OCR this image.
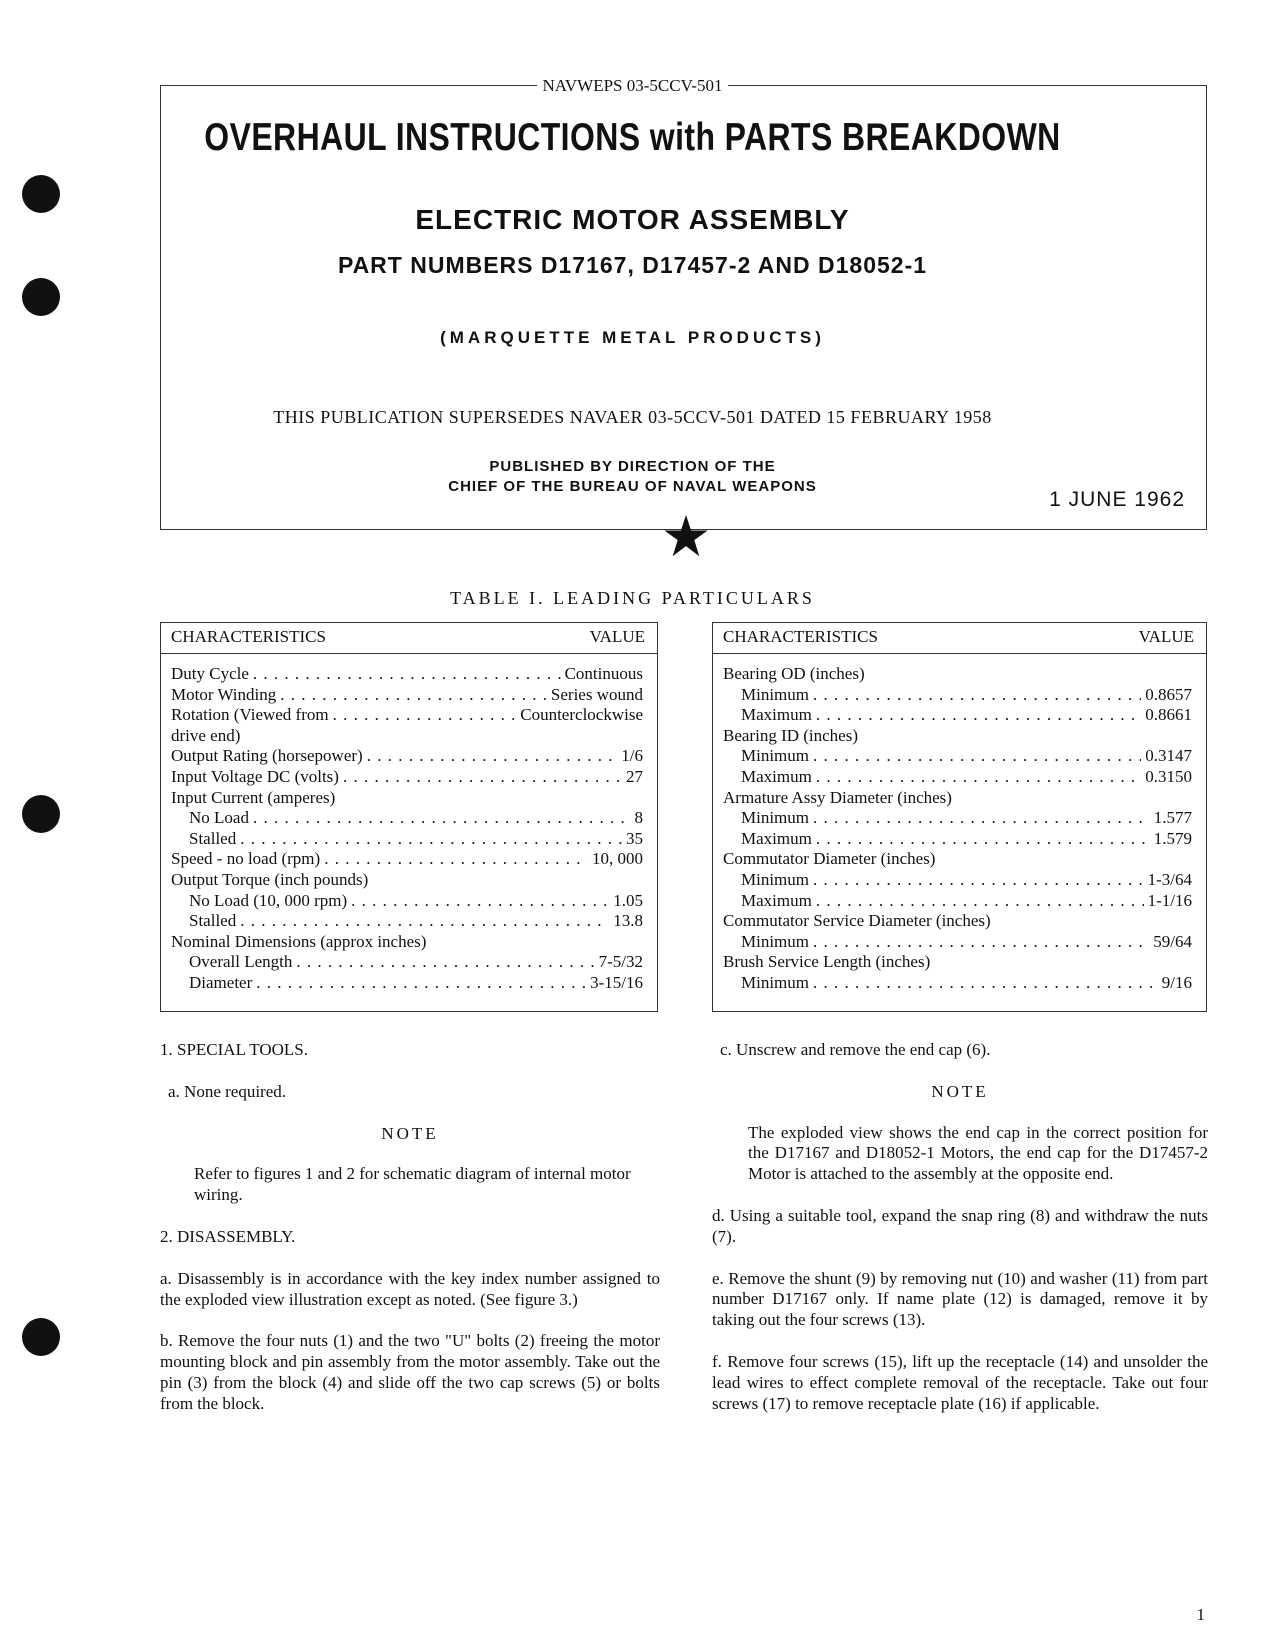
NAVWEPS 03-5CCV-501
OVERHAUL INSTRUCTIONS with PARTS BREAKDOWN
ELECTRIC MOTOR ASSEMBLY
PART NUMBERS D17167, D17457-2 AND D18052-1
(MARQUETTE METAL PRODUCTS)
THIS PUBLICATION SUPERSEDES NAVAER 03-5CCV-501 DATED 15 FEBRUARY 1958
PUBLISHED BY DIRECTION OF THE
CHIEF OF THE BUREAU OF NAVAL WEAPONS
1 JUNE 1962
TABLE I. LEADING PARTICULARS
CHARACTERISTICS	VALUE
Duty Cycle . . .	Continuous
Motor Winding . . .	Series wound
Rotation (Viewed from . . .	Counterclockwise
drive end)
Output Rating (horsepower) . . .	1/6
Input Voltage DC (volts) . . .	27
Input Current (amperes)
No Load . . .	8
Stalled . . .	35
Speed - no load (rpm) . . .	10, 000
Output Torque (inch pounds)
No Load (10, 000 rpm) . . .	1.05
Stalled . . .	13.8
Nominal Dimensions (approx inches)
Overall Length . . .	7-5/32
Diameter . . .	3-15/16
CHARACTERISTICS	VALUE
Bearing OD (inches)
Minimum . . .	0.8657
Maximum . . .	0.8661
Bearing ID (inches)
Minimum . . .	0.3147
Maximum . . .	0.3150
Armature Assy Diameter (inches)
Minimum . . .	1.577
Maximum . . .	1.579
Commutator Diameter (inches)
Minimum . . .	1-3/64
Maximum . . .	1-1/16
Commutator Service Diameter (inches)
Minimum . . .	59/64
Brush Service Length (inches)
Minimum . . .	9/16

1. SPECIAL TOOLS.

a. None required.

NOTE

Refer to figures 1 and 2 for schematic diagram of internal motor wiring.

2. DISASSEMBLY.

a. Disassembly is in accordance with the key index number assigned to the exploded view illustration except as noted. (See figure 3.)

b. Remove the four nuts (1) and the two "U" bolts (2) freeing the motor mounting block and pin assembly from the motor assembly. Take out the pin (3) from the block (4) and slide off the two cap screws (5) or bolts from the block.

c. Unscrew and remove the end cap (6).

NOTE

The exploded view shows the end cap in the correct position for the D17167 and D18052-1 Motors, the end cap for the D17457-2 Motor is attached to the assembly at the opposite end.

d. Using a suitable tool, expand the snap ring (8) and withdraw the nuts (7).

e. Remove the shunt (9) by removing nut (10) and washer (11) from part number D17167 only. If name plate (12) is damaged, remove it by taking out the four screws (13).

f. Remove four screws (15), lift up the receptacle (14) and unsolder the lead wires to effect complete removal of the receptacle. Take out four screws (17) to remove receptacle plate (16) if applicable.

1
